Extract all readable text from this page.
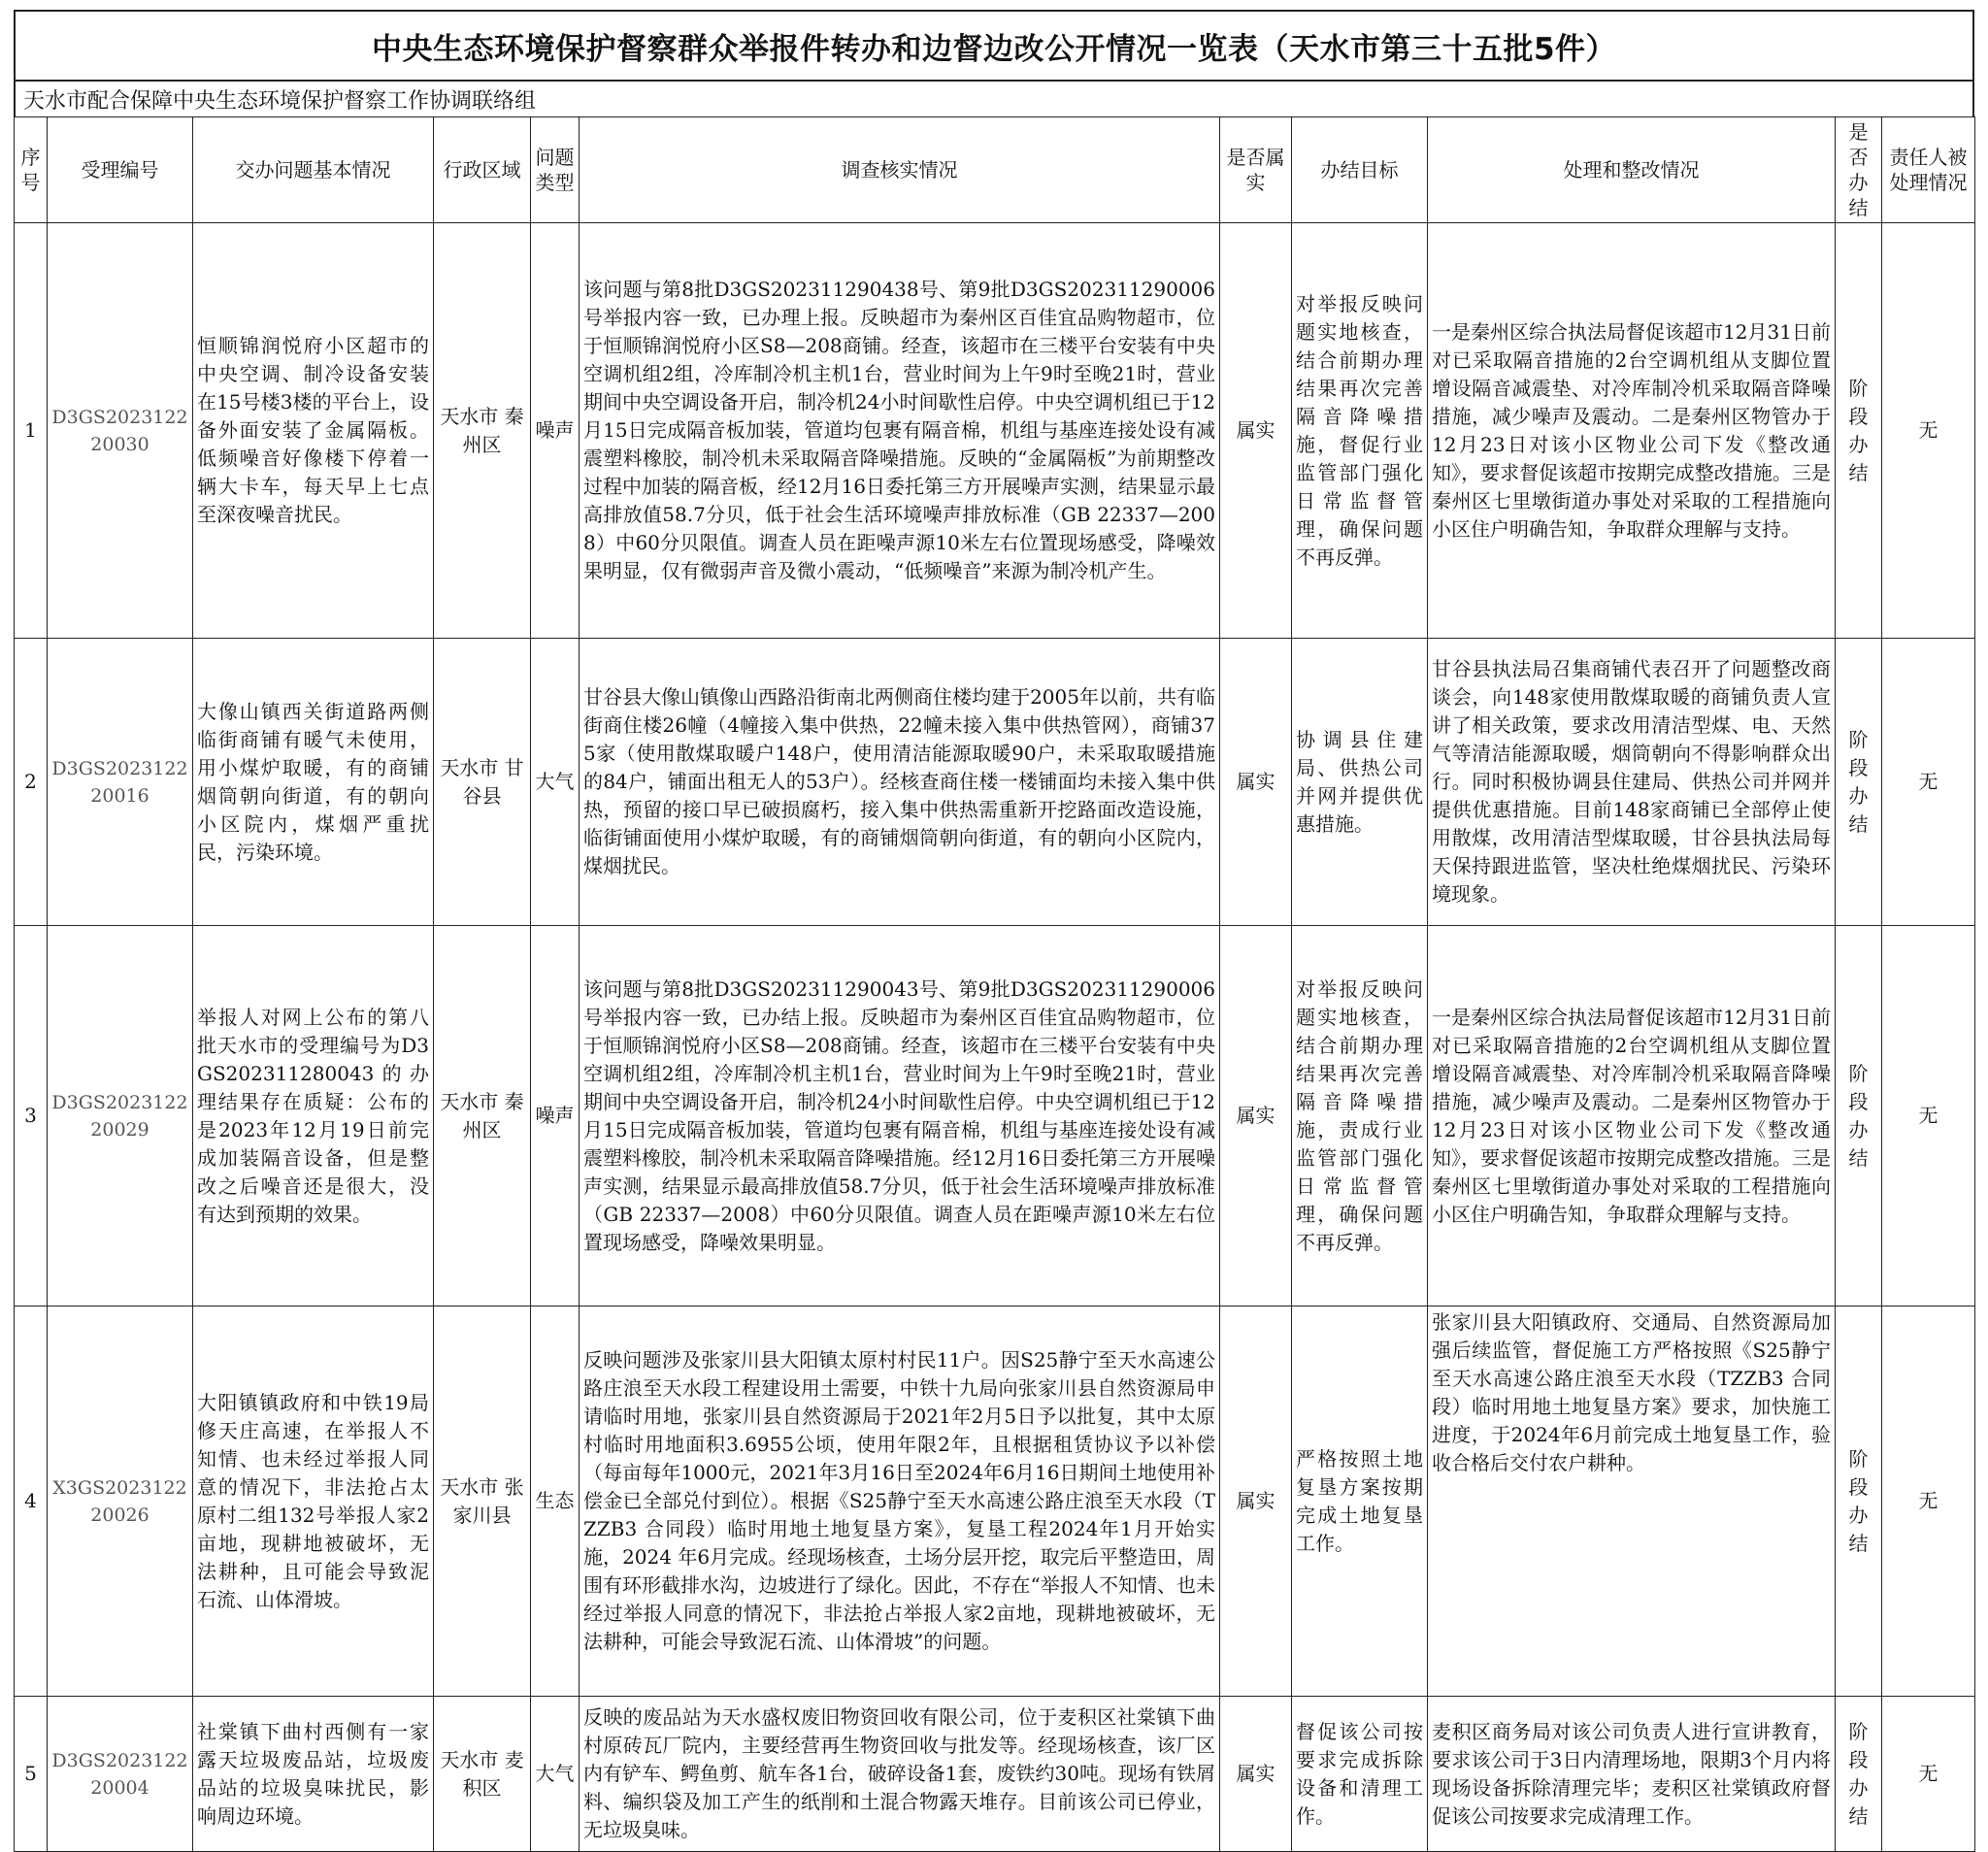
中央生态环境保护督察群众举报件转办和边督边改公开情况一览表（天水市第三十五批5件）
天水市配合保障中央生态环境保护督察工作协调联络组
序号	受理编号	交办问题基本情况	行政区域	问题类型	调查核实情况	是否属实	办结目标	处理和整改情况	是否办结	责任人被处理情况
1	D3GS2023122 20030	恒顺锦润悦府小区超市的中央空调、制冷设备安装在15号楼3楼的平台上，设备外面安装了金属隔板。低频噪音好像楼下停着一辆大卡车，每天早上七点至深夜噪音扰民。	天水市 秦州区	噪声	该问题与第8批D3GS202311290438号、第9批D3GS202311290006号举报内容一致，已办理上报。反映超市为秦州区百佳宜品购物超市，位于恒顺锦润悦府小区S8—208商铺。经查，该超市在三楼平台安装有中央空调机组2组，冷库制冷机主机1台，营业时间为上午9时至晚21时，营业期间中央空调设备开启，制冷机24小时间歇性启停。中央空调机组已于12月15日完成隔音板加装，管道均包裹有隔音棉，机组与基座连接处设有减震塑料橡胶，制冷机未采取隔音降噪措施。反映的“金属隔板”为前期整改过程中加装的隔音板，经12月16日委托第三方开展噪声实测，结果显示最高排放值58.7分贝，低于社会生活环境噪声排放标准（GB 22337—2008）中60分贝限值。调查人员在距噪声源10米左右位置现场感受，降噪效果明显，仅有微弱声音及微小震动，“低频噪音”来源为制冷机产生。	属实	对举报反映问题实地核查，结合前期办理结果再次完善隔音降噪措施，督促行业监管部门强化日常监督管理，确保问题不再反弹。	一是秦州区综合执法局督促该超市12月31日前对已采取隔音措施的2台空调机组从支脚位置增设隔音减震垫、对冷库制冷机采取隔音降噪措施，减少噪声及震动。二是秦州区物管办于12月23日对该小区物业公司下发《整改通知》，要求督促该超市按期完成整改措施。三是秦州区七里墩街道办事处对采取的工程措施向小区住户明确告知，争取群众理解与支持。	阶段办结	无
2	D3GS2023122 20016	大像山镇西关街道路两侧临街商铺有暖气未使用，用小煤炉取暖，有的商铺烟筒朝向街道，有的朝向小区院内，煤烟严重扰民，污染环境。	天水市 甘谷县	大气	甘谷县大像山镇像山西路沿街南北两侧商住楼均建于2005年以前，共有临街商住楼26幢（4幢接入集中供热，22幢未接入集中供热管网），商铺375家（使用散煤取暖户148户，使用清洁能源取暖90户，未采取取暖措施的84户，铺面出租无人的53户）。经核查商住楼一楼铺面均未接入集中供热，预留的接口早已破损腐朽，接入集中供热需重新开挖路面改造设施，临街铺面使用小煤炉取暖，有的商铺烟筒朝向街道，有的朝向小区院内，煤烟扰民。	属实	协调县住建局、供热公司并网并提供优惠措施。	甘谷县执法局召集商铺代表召开了问题整改商谈会，向148家使用散煤取暖的商铺负责人宣讲了相关政策，要求改用清洁型煤、电、天然气等清洁能源取暖，烟筒朝向不得影响群众出行。同时积极协调县住建局、供热公司并网并提供优惠措施。目前148家商铺已全部停止使用散煤，改用清洁型煤取暖，甘谷县执法局每天保持跟进监管，坚决杜绝煤烟扰民、污染环境现象。	阶段办结	无
3	D3GS2023122 20029	举报人对网上公布的第八批天水市的受理编号为D3GS202311280043的办理结果存在质疑：公布的是2023年12月19日前完成加装隔音设备，但是整改之后噪音还是很大，没有达到预期的效果。	天水市 秦州区	噪声	该问题与第8批D3GS202311290043号、第9批D3GS202311290006号举报内容一致，已办结上报。反映超市为秦州区百佳宜品购物超市，位于恒顺锦润悦府小区S8—208商铺。经查，该超市在三楼平台安装有中央空调机组2组，冷库制冷机主机1台，营业时间为上午9时至晚21时，营业期间中央空调设备开启，制冷机24小时间歇性启停。中央空调机组已于12月15日完成隔音板加装，管道均包裹有隔音棉，机组与基座连接处设有减震塑料橡胶，制冷机未采取隔音降噪措施。经12月16日委托第三方开展噪声实测，结果显示最高排放值58.7分贝，低于社会生活环境噪声排放标准（GB 22337—2008）中60分贝限值。调查人员在距噪声源10米左右位置现场感受，降噪效果明显。	属实	对举报反映问题实地核查，结合前期办理结果再次完善隔音降噪措施，责成行业监管部门强化日常监督管理，确保问题不再反弹。	一是秦州区综合执法局督促该超市12月31日前对已采取隔音措施的2台空调机组从支脚位置增设隔音减震垫、对冷库制冷机采取隔音降噪措施，减少噪声及震动。二是秦州区物管办于12月23日对该小区物业公司下发《整改通知》，要求督促该超市按期完成整改措施。三是秦州区七里墩街道办事处对采取的工程措施向小区住户明确告知，争取群众理解与支持。	阶段办结	无
4	X3GS2023122 20026	大阳镇镇政府和中铁19局修天庄高速，在举报人不知情、也未经过举报人同意的情况下，非法抢占太原村二组132号举报人家2亩地，现耕地被破坏，无法耕种，且可能会导致泥石流、山体滑坡。	天水市 张家川县	生态	反映问题涉及张家川县大阳镇太原村村民11户。因S25静宁至天水高速公路庄浪至天水段工程建设用土需要，中铁十九局向张家川县自然资源局申请临时用地，张家川县自然资源局于2021年2月5日予以批复，其中太原村临时用地面积3.6955公顷，使用年限2年，且根据租赁协议予以补偿（每亩每年1000元，2021年3月16日至2024年6月16日期间土地使用补偿金已全部兑付到位）。根据《S25静宁至天水高速公路庄浪至天水段（TZZB3 合同段）临时用地土地复垦方案》，复垦工程2024年1月开始实施，2024 年6月完成。经现场核查，土场分层开挖，取完后平整造田，周围有环形截排水沟，边坡进行了绿化。因此，不存在“举报人不知情、也未经过举报人同意的情况下，非法抢占举报人家2亩地，现耕地被破坏，无法耕种，可能会导致泥石流、山体滑坡”的问题。	属实	严格按照土地复垦方案按期完成土地复垦工作。	张家川县大阳镇政府、交通局、自然资源局加强后续监管，督促施工方严格按照《S25静宁至天水高速公路庄浪至天水段（TZZB3 合同段）临时用地土地复垦方案》要求，加快施工进度，于2024年6月前完成土地复垦工作，验收合格后交付农户耕种。	阶段办结	无
5	D3GS2023122 20004	社棠镇下曲村西侧有一家露天垃圾废品站，垃圾废品站的垃圾臭味扰民，影响周边环境。	天水市 麦积区	大气	反映的废品站为天水盛权废旧物资回收有限公司，位于麦积区社棠镇下曲村原砖瓦厂院内，主要经营再生物资回收与批发等。经现场核查，该厂区内有铲车、鳄鱼剪、航车各1台，破碎设备1套，废铁约30吨。现场有铁屑料、编织袋及加工产生的纸削和土混合物露天堆存。目前该公司已停业，无垃圾臭味。	属实	督促该公司按要求完成拆除设备和清理工作。	麦积区商务局对该公司负责人进行宣讲教育，要求该公司于3日内清理场地，限期3个月内将现场设备拆除清理完毕；麦积区社棠镇政府督促该公司按要求完成清理工作。	阶段办结	无
